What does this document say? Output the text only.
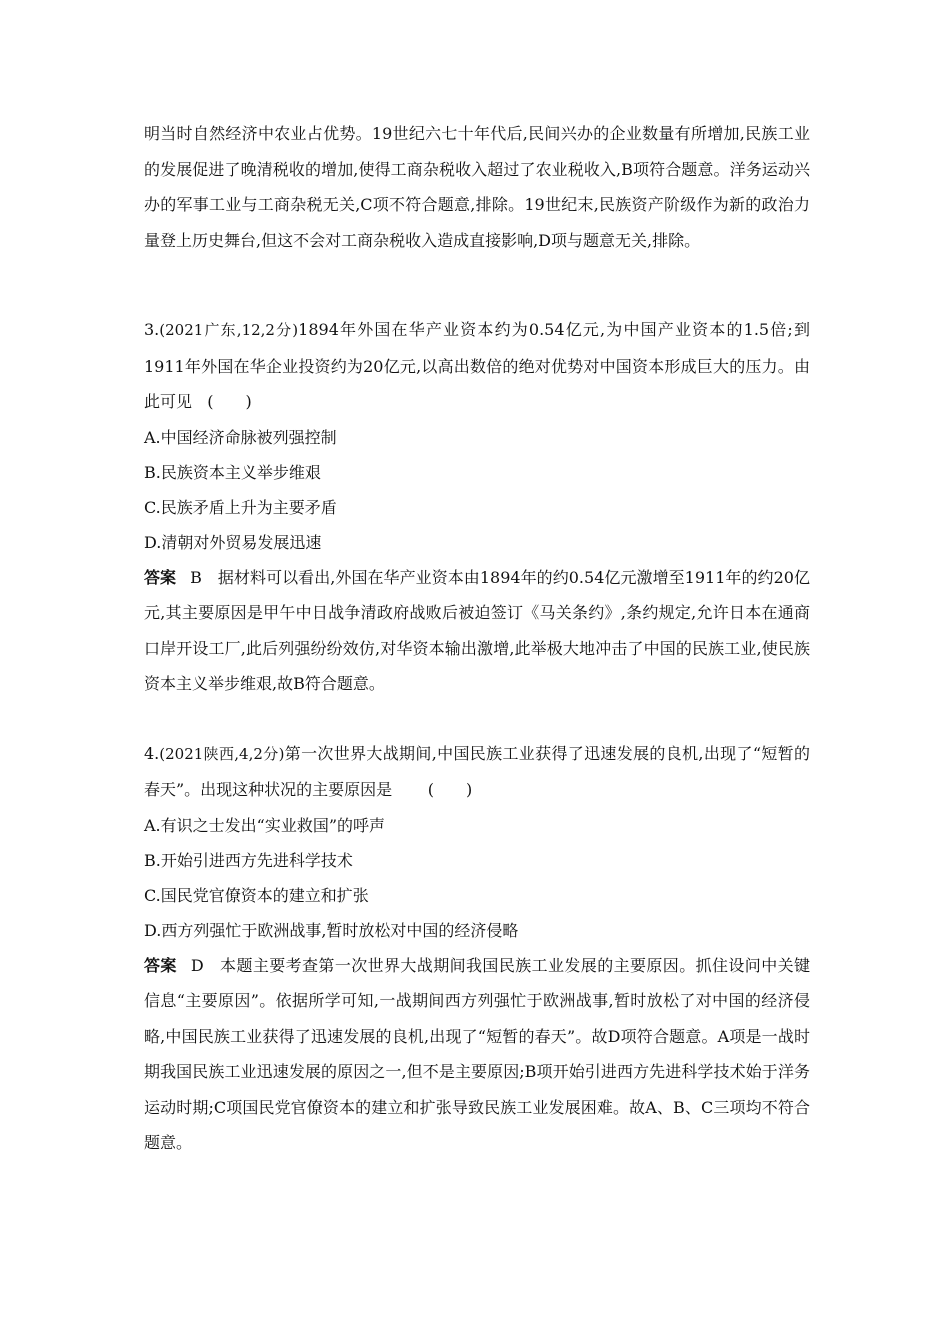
明当时自然经济中农业占优势。19世纪六七十年代后,民间兴办的企业数量有所增加,民族工业的发展促进了晚清税收的增加,使得工商杂税收入超过了农业税收入,B项符合题意。洋务运动兴办的军事工业与工商杂税无关,C项不符合题意,排除。19世纪末,民族资产阶级作为新的政治力量登上历史舞台,但这不会对工商杂税收入造成直接影响,D项与题意无关,排除。

3.(2021广东,12,2分)1894年外国在华产业资本约为0.54亿元,为中国产业资本的1.5倍;到1911年外国在华企业投资约为20亿元,以高出数倍的绝对优势对中国资本形成巨大的压力。由此可见 (　　)

A.中国经济命脉被列强控制

B.民族资本主义举步维艰

C.民族矛盾上升为主要矛盾

D.清朝对外贸易发展迅速

答案 B 据材料可以看出,外国在华产业资本由1894年的约0.54亿元激增至1911年的约20亿元,其主要原因是甲午中日战争清政府战败后被迫签订《马关条约》,条约规定,允许日本在通商口岸开设工厂,此后列强纷纷效仿,对华资本输出激增,此举极大地冲击了中国的民族工业,使民族资本主义举步维艰,故B符合题意。

4.(2021陕西,4,2分)第一次世界大战期间,中国民族工业获得了迅速发展的良机,出现了“短暂的春天”。出现这种状况的主要原因是 (　　)

A.有识之士发出“实业救国”的呼声

B.开始引进西方先进科学技术

C.国民党官僚资本的建立和扩张

D.西方列强忙于欧洲战事,暂时放松对中国的经济侵略

答案 D 本题主要考查第一次世界大战期间我国民族工业发展的主要原因。抓住设问中关键信息“主要原因”。依据所学可知,一战期间西方列强忙于欧洲战事,暂时放松了对中国的经济侵略,中国民族工业获得了迅速发展的良机,出现了“短暂的春天”。故D项符合题意。A项是一战时期我国民族工业迅速发展的原因之一,但不是主要原因;B项开始引进西方先进科学技术始于洋务运动时期;C项国民党官僚资本的建立和扩张导致民族工业发展困难。故A、B、C三项均不符合题意。
